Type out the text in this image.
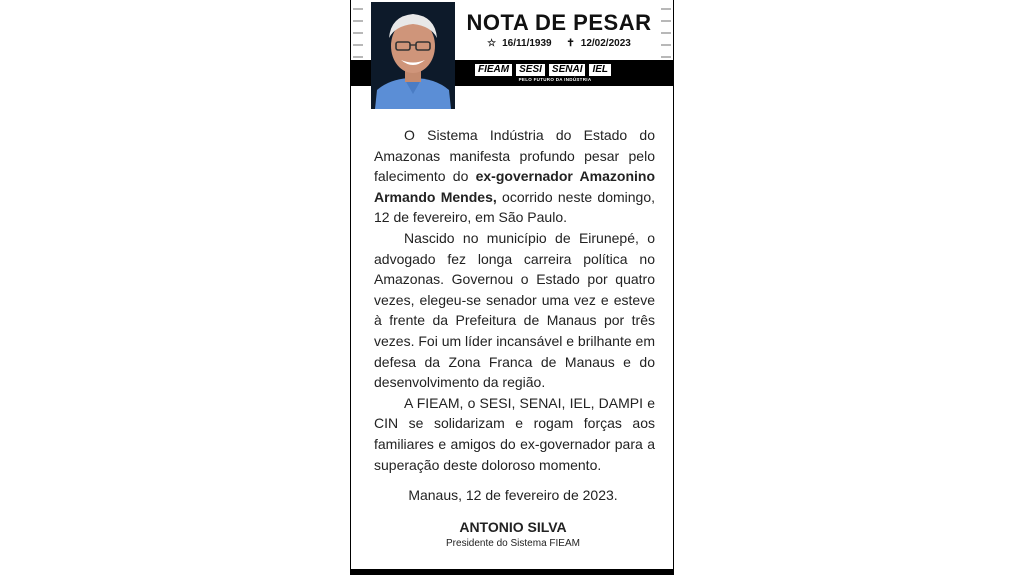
NOTA DE PESAR
☆ 16/11/1939 ✝ 12/02/2023
FIEAM	SESI	SENAI	IEL
PELO FUTURO DA INDÚSTRIA

O Sistema Indústria do Estado do Amazonas manifesta profundo pesar pelo falecimento do ex-governador Amazonino Armando Mendes, ocorrido neste domingo, 12 de fevereiro, em São Paulo.

Nascido no município de Eirunepé, o advogado fez longa carreira política no Amazonas. Governou o Estado por quatro vezes, elegeu-se senador uma vez e esteve à frente da Prefeitura de Manaus por três vezes. Foi um líder incansável e brilhante em defesa da Zona Franca de Manaus e do desenvolvimento da região.

A FIEAM, o SESI, SENAI, IEL, DAMPI e CIN se solidarizam e rogam forças aos familiares e amigos do ex-governador para a superação deste doloroso momento.

Manaus, 12 de fevereiro de 2023.
ANTONIO SILVA
Presidente do Sistema FIEAM
